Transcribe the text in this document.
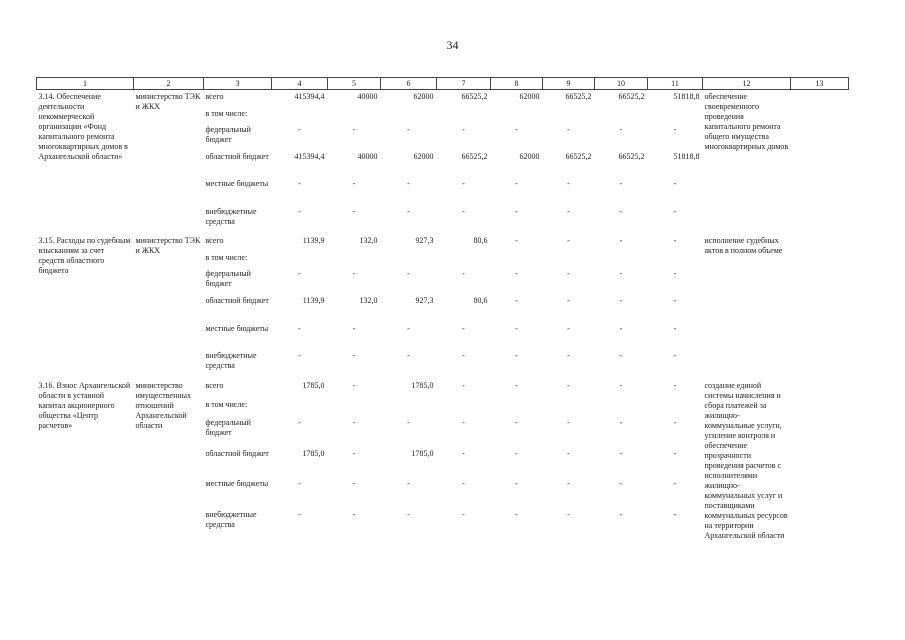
34
1	2	3	4	5	6	7	8	9	10	11	12	13
3.14. Обеспечение деятельности некоммерческой организации «Фонд капитального ремонта многоквартирных домов в Архангельской области»	министерство ТЭК и ЖКХ	всего	415394,4	40000	62000	66525,2	62000	66525,2	66525,2	51818,8	обеспечение своевременного проведения капитального ремонта общего имущества многоквартирных домов	
		в том числе:										
		федеральный бюджет	-	-	-	-	-	-	-	-		
		областной бюджет	415394,4	40000	62000	66525,2	62000	66525,2	66525,2	51818,8		
		местные бюджеты	-	-	-	-	-	-	-	-		
		внебюджетные средства	-	-	-	-	-	-	-	-		
3.15. Расходы по судебным взысканиям за счет средств областного бюджета	министерство ТЭК и ЖКХ	всего	1139,9	132,0	927,3	80,6	-	-	-	-	исполнение судебных актов в полном объеме	
		в том числе:										
		федеральный бюджет	-	-	-	-	-	-	-	-		
		областной бюджет	1139,9	132,0	927,3	80,6	-	-	-	-		
		местные бюджеты	-	-	-	-	-	-	-	-		
		внебюджетные средства	-	-	-	-	-	-	-	-		
3.16. Взнос Архангельской области в уставной капитал акционерного общества «Центр расчетов»	министерство имущественных отношений Архангельской области	всего	1785,0	-	1785,0	-	-	-	-	-	создание единой системы начисления и сбора платежей за жилищно-коммунальные услуги, усиление контроля и обеспечение прозрачности проведения расчетов с исполнителями жилищно-коммунальных услуг и поставщиками коммунальных ресурсов на территории Архангельской области	
		в том числе:										
		федеральный бюджет	-	-	-	-	-	-	-	-		
		областной бюджет	1785,0	-	1785,0	-	-	-	-	-		
		местные бюджеты	-	-	-	-	-	-	-	-		
		внебюджетные средства	-	-	-	-	-	-	-	-		
